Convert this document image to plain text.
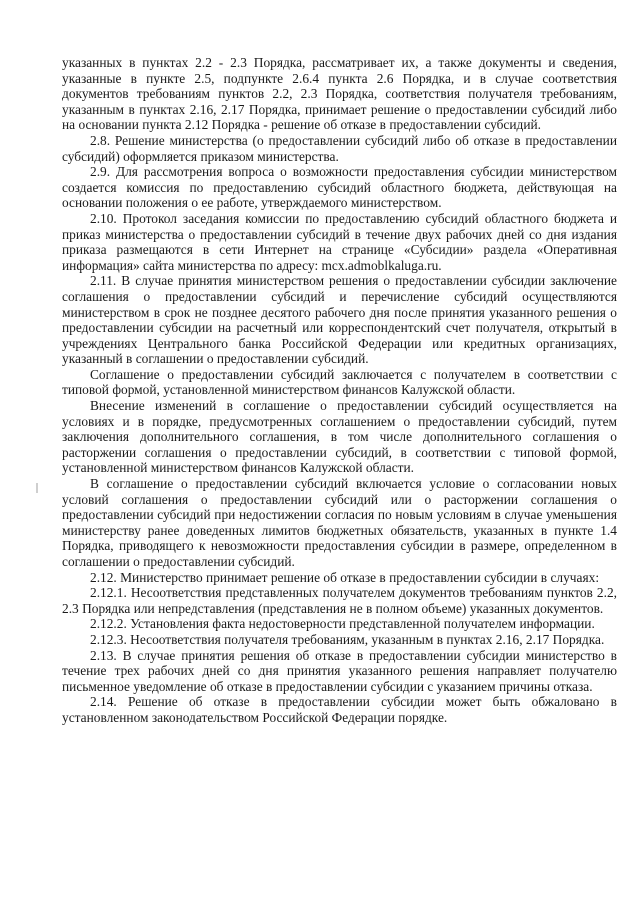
указанных в пунктах 2.2 - 2.3 Порядка, рассматривает их, а также документы и сведения, указанные в пункте 2.5, подпункте 2.6.4 пункта 2.6 Порядка, и в случае соответствия документов требованиям пунктов 2.2, 2.3 Порядка, соответствия получателя требованиям, указанным в пунктах 2.16, 2.17 Порядка, принимает решение о предоставлении субсидий либо на основании пункта 2.12 Порядка - решение об отказе в предоставлении субсидий.

2.8. Решение министерства (о предоставлении субсидий либо об отказе в предоставлении субсидий) оформляется приказом министерства.

2.9. Для рассмотрения вопроса о возможности предоставления субсидии министерством создается комиссия по предоставлению субсидий областного бюджета, действующая на основании положения о ее работе, утверждаемого министерством.

2.10. Протокол заседания комиссии по предоставлению субсидий областного бюджета и приказ министерства о предоставлении субсидий в течение двух рабочих дней со дня издания приказа размещаются в сети Интернет на странице «Субсидии» раздела «Оперативная информация» сайта министерства по адресу: mcx.admoblkaluga.ru.

2.11. В случае принятия министерством решения о предоставлении субсидии заключение соглашения о предоставлении субсидий и перечисление субсидий осуществляются министерством в срок не позднее десятого рабочего дня после принятия указанного решения о предоставлении субсидии на расчетный или корреспондентский счет получателя, открытый в учреждениях Центрального банка Российской Федерации или кредитных организациях, указанный в соглашении о предоставлении субсидий.

Соглашение о предоставлении субсидий заключается с получателем в соответствии с типовой формой, установленной министерством финансов Калужской области.

Внесение изменений в соглашение о предоставлении субсидий осуществляется на условиях и в порядке, предусмотренных соглашением о предоставлении субсидий, путем заключения дополнительного соглашения, в том числе дополнительного соглашения о расторжении соглашения о предоставлении субсидий, в соответствии с типовой формой, установленной министерством финансов Калужской области.

В соглашение о предоставлении субсидий включается условие о согласовании новых условий соглашения о предоставлении субсидий или о расторжении соглашения о предоставлении субсидий при недостижении согласия по новым условиям в случае уменьшения министерству ранее доведенных лимитов бюджетных обязательств, указанных в пункте 1.4 Порядка, приводящего к невозможности предоставления субсидии в размере, определенном в соглашении о предоставлении субсидий.

2.12. Министерство принимает решение об отказе в предоставлении субсидии в случаях:

2.12.1. Несоответствия представленных получателем документов требованиям пунктов 2.2, 2.3 Порядка или непредставления (представления не в полном объеме) указанных документов.

2.12.2. Установления факта недостоверности представленной получателем информации.

2.12.3. Несоответствия получателя требованиям, указанным в пунктах 2.16, 2.17 Порядка.

2.13. В случае принятия решения об отказе в предоставлении субсидии министерство в течение трех рабочих дней со дня принятия указанного решения направляет получателю письменное уведомление об отказе в предоставлении субсидии с указанием причины отказа.

2.14. Решение об отказе в предоставлении субсидии может быть обжаловано в установленном законодательством Российской Федерации порядке.
